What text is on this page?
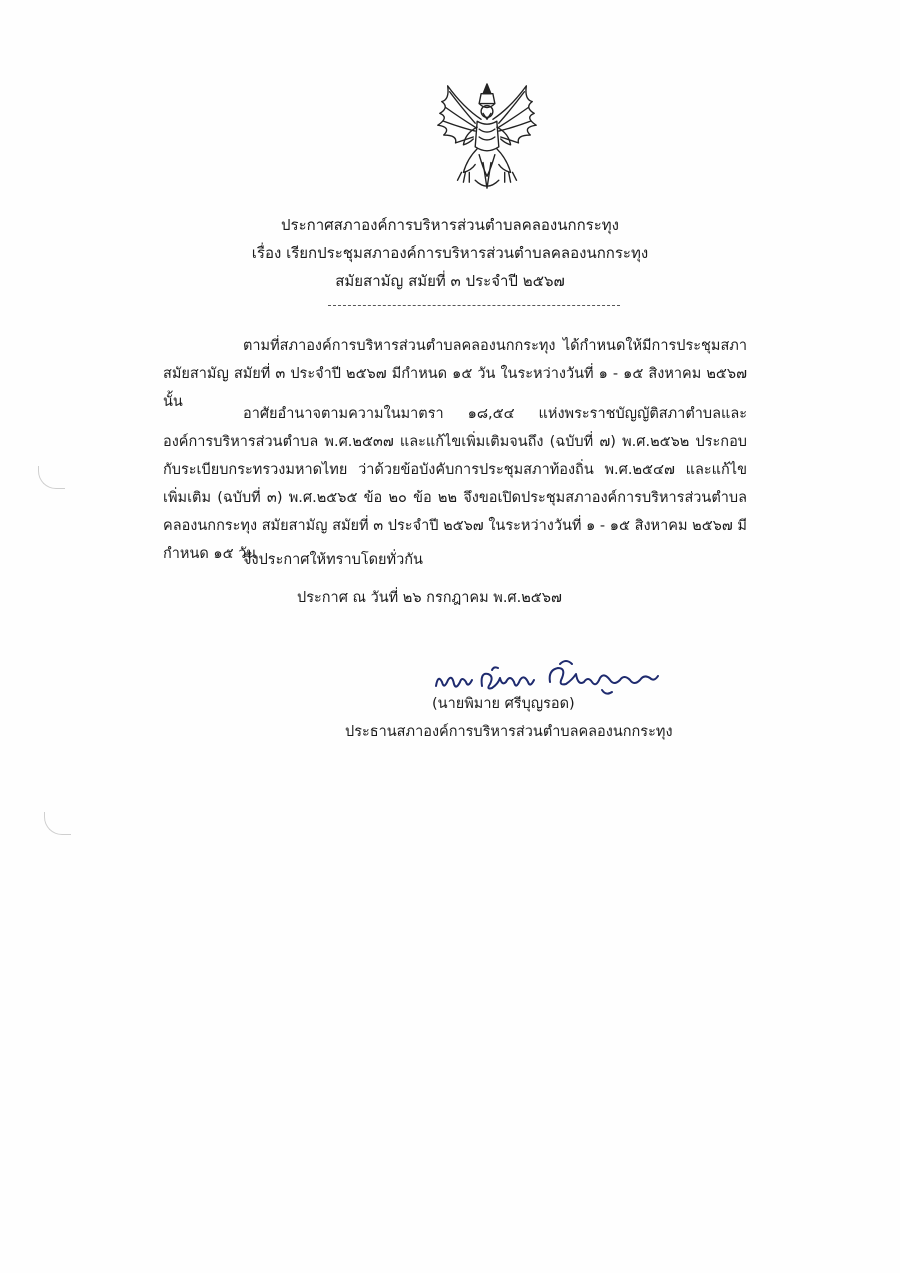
ประกาศสภาองค์การบริหารส่วนตำบลคลองนกกระทุง
เรื่อง เรียกประชุมสภาองค์การบริหารส่วนตำบลคลองนกกระทุง
สมัยสามัญ สมัยที่ ๓ ประจำปี ๒๕๖๗

ตามที่สภาองค์การบริหารส่วนตำบลคลองนกกระทุง ได้กำหนดให้มีการประชุมสภา สมัยสามัญ สมัยที่ ๓ ประจำปี ๒๕๖๗ มีกำหนด ๑๕ วัน ในระหว่างวันที่ ๑ - ๑๕ สิงหาคม ๒๕๖๗ นั้น

อาศัยอำนาจตามความในมาตรา ๑๘,๕๔ แห่งพระราชบัญญัติสภาตำบลและองค์การบริหารส่วนตำบล พ.ศ.๒๕๓๗ และแก้ไขเพิ่มเติมจนถึง (ฉบับที่ ๗) พ.ศ.๒๕๖๒ ประกอบกับระเบียบกระทรวงมหาดไทย ว่าด้วยข้อบังคับการประชุมสภาท้องถิ่น พ.ศ.๒๕๔๗ และแก้ไขเพิ่มเติม (ฉบับที่ ๓) พ.ศ.๒๕๖๕ ข้อ ๒๐ ข้อ ๒๒ จึงขอเปิดประชุมสภาองค์การบริหารส่วนตำบลคลองนกกระทุง สมัยสามัญ สมัยที่ ๓ ประจำปี ๒๕๖๗ ในระหว่างวันที่ ๑ - ๑๕ สิงหาคม ๒๕๖๗ มีกำหนด ๑๕ วัน

จึงประกาศให้ทราบโดยทั่วกัน
ประกาศ ณ วันที่ ๒๖ กรกฎาคม พ.ศ.๒๕๖๗
(นายพิมาย ศรีบุญรอด)
ประธานสภาองค์การบริหารส่วนตำบลคลองนกกระทุง
